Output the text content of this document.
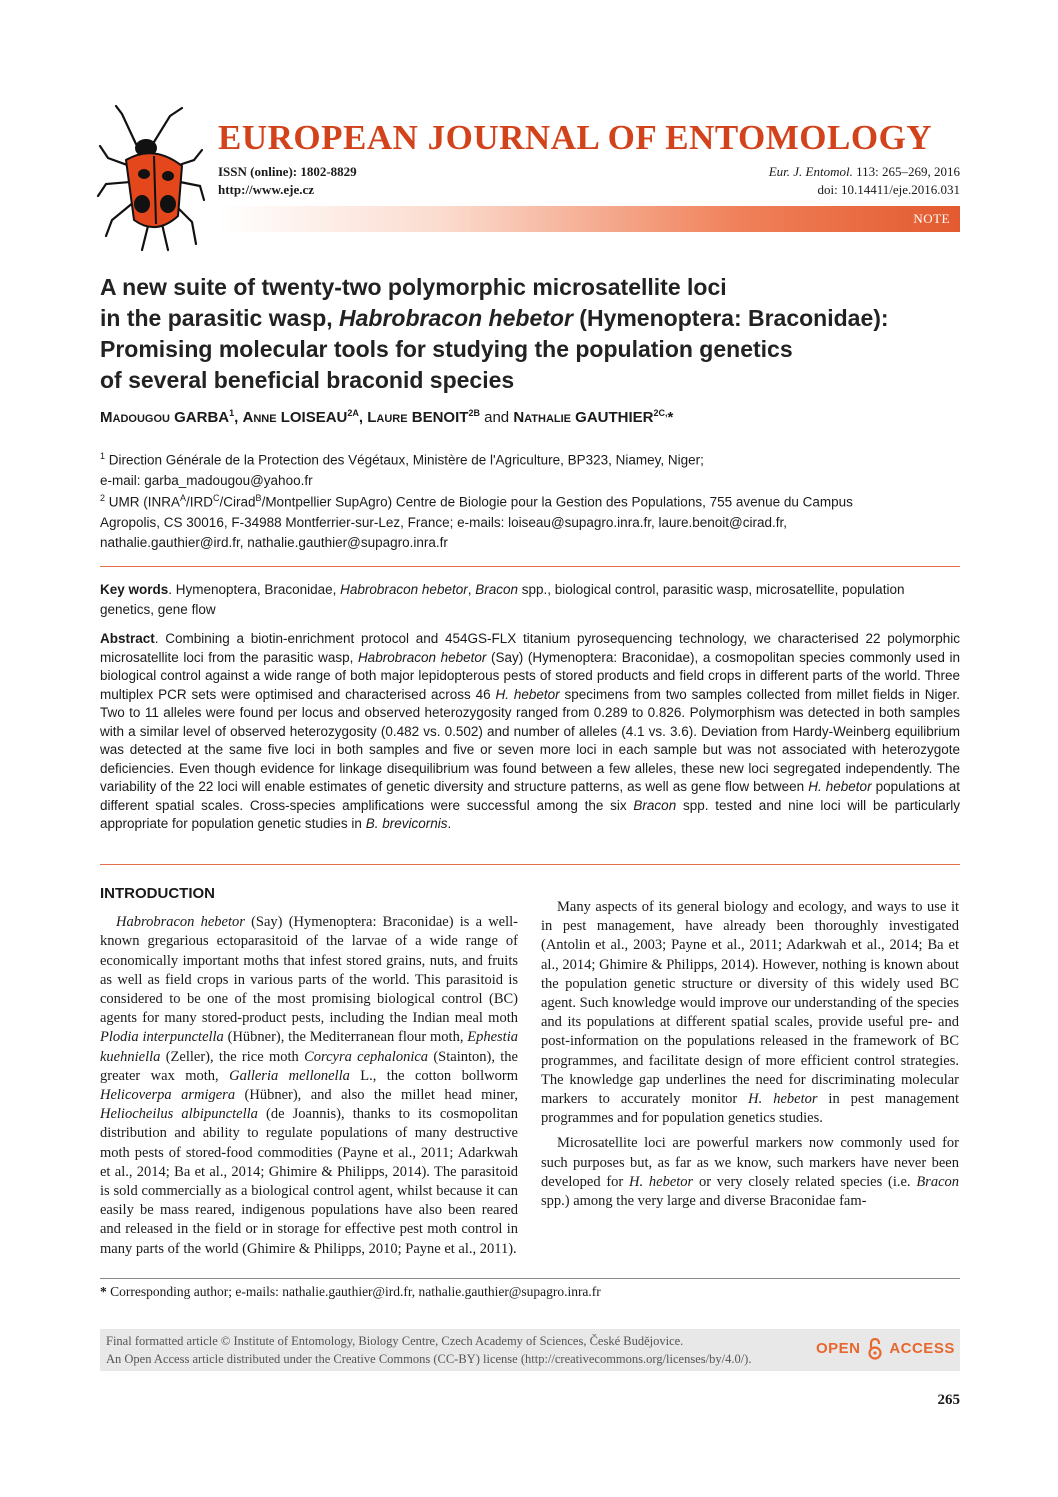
EUROPEAN JOURNAL OF ENTOMOLOGY
ISSN (online): 1802-8829
http://www.eje.cz
Eur. J. Entomol. 113: 265–269, 2016
doi: 10.14411/eje.2016.031
NOTE
A new suite of twenty-two polymorphic microsatellite loci
in the parasitic wasp, Habrobracon hebetor (Hymenoptera: Braconidae):
Promising molecular tools for studying the population genetics
of several beneficial braconid species
Madougou GARBA$^1$, Anne $LOISEAU^{2A}$, Laure $BENOIT^{2B}$ and Nathalie $GAUTHIER^{2C,}*$
$^1$ Direction Générale de la Protection des Végétaux, Ministère de l'Agriculture, BP323, Niamey, Niger;
e-mail: garba_madougou@yahoo.fr
$^2$ UMR ($INRA^A/IRD^C/Cirad^B$/Montpellier SupAgro) Centre de Biologie pour la Gestion des Populations, 755 avenue du Campus
Agropolis, CS 30016, F-34988 Montferrier-sur-Lez, France; e-mails: loiseau@supagro.inra.fr, laure.benoit@cirad.fr,
nathalie.gauthier@ird.fr, nathalie.gauthier@supagro.inra.fr
Key words. Hymenoptera, Braconidae, Habrobracon hebetor, Bracon spp., biological control, parasitic wasp, microsatellite, population genetics, gene flow
Abstract. Combining a biotin-enrichment protocol and 454GS-FLX titanium pyrosequencing technology, we characterised 22 polymorphic microsatellite loci from the parasitic wasp, Habrobracon hebetor (Say) (Hymenoptera: Braconidae), a cosmopolitan species commonly used in biological control against a wide range of both major lepidopterous pests of stored products and field crops in different parts of the world. Three multiplex PCR sets were optimised and characterised across 46 H. hebetor specimens from two samples collected from millet fields in Niger. Two to 11 alleles were found per locus and observed heterozygosity ranged from 0.289 to 0.826. Polymorphism was detected in both samples with a similar level of observed heterozygosity (0.482 vs. 0.502) and number of alleles (4.1 vs. 3.6). Deviation from Hardy-Weinberg equilibrium was detected at the same five loci in both samples and five or seven more loci in each sample but was not associated with heterozygote deficiencies. Even though evidence for linkage disequilibrium was found between a few alleles, these new loci segregated independently. The variability of the 22 loci will enable estimates of genetic diversity and structure patterns, as well as gene flow between H. hebetor populations at different spatial scales. Cross-species amplifications were successful among the six Bracon spp. tested and nine loci will be particularly appropriate for population genetic studies in B. brevicornis.
INTRODUCTION

Habrobracon hebetor (Say) (Hymenoptera: Braconidae) is a well-known gregarious ectoparasitoid of the larvae of a wide range of economically important moths that infest stored grains, nuts, and fruits as well as field crops in various parts of the world. This parasitoid is considered to be one of the most promising biological control (BC) agents for many stored-product pests, including the Indian meal moth Plodia interpunctella (Hübner), the Mediterranean flour moth, Ephestia kuehniella (Zeller), the rice moth Corcyra cephalonica (Stainton), the greater wax moth, Galleria mellonella L., the cotton bollworm Helicoverpa armigera (Hübner), and also the millet head miner, Heliocheilus albipunctella (de Joannis), thanks to its cosmopolitan distribution and ability to regulate populations of many destructive moth pests of stored-food commodities (Payne et al., 2011; Adarkwah et al., 2014; Ba et al., 2014; Ghimire & Philipps, 2014). The parasitoid is sold commercially as a biological control agent, whilst because it can easily be mass reared, indigenous populations have also been reared and released in the field or in storage for effective pest moth control in many parts of the world (Ghimire & Philipps, 2010; Payne et al., 2011).

Many aspects of its general biology and ecology, and ways to use it in pest management, have already been thoroughly investigated (Antolin et al., 2003; Payne et al., 2011; Adarkwah et al., 2014; Ba et al., 2014; Ghimire & Philipps, 2014). However, nothing is known about the population genetic structure or diversity of this widely used BC agent. Such knowledge would improve our understanding of the species and its populations at different spatial scales, provide useful pre- and post-information on the populations released in the framework of BC programmes, and facilitate design of more efficient control strategies. The knowledge gap underlines the need for discriminating molecular markers to accurately monitor H. hebetor in pest management programmes and for population genetics studies.

Microsatellite loci are powerful markers now commonly used for such purposes but, as far as we know, such markers have never been developed for H. hebetor or very closely related species (i.e. Bracon spp.) among the very large and diverse Braconidae fam-

* Corresponding author; e-mails: nathalie.gauthier@ird.fr, nathalie.gauthier@supagro.inra.fr
Final formatted article © Institute of Entomology, Biology Centre, Czech Academy of Sciences, České Budějovice.
An Open Access article distributed under the Creative Commons (CC-BY) license (http://creativecommons.org/licenses/by/4.0/).
OPEN ACCESS
265
